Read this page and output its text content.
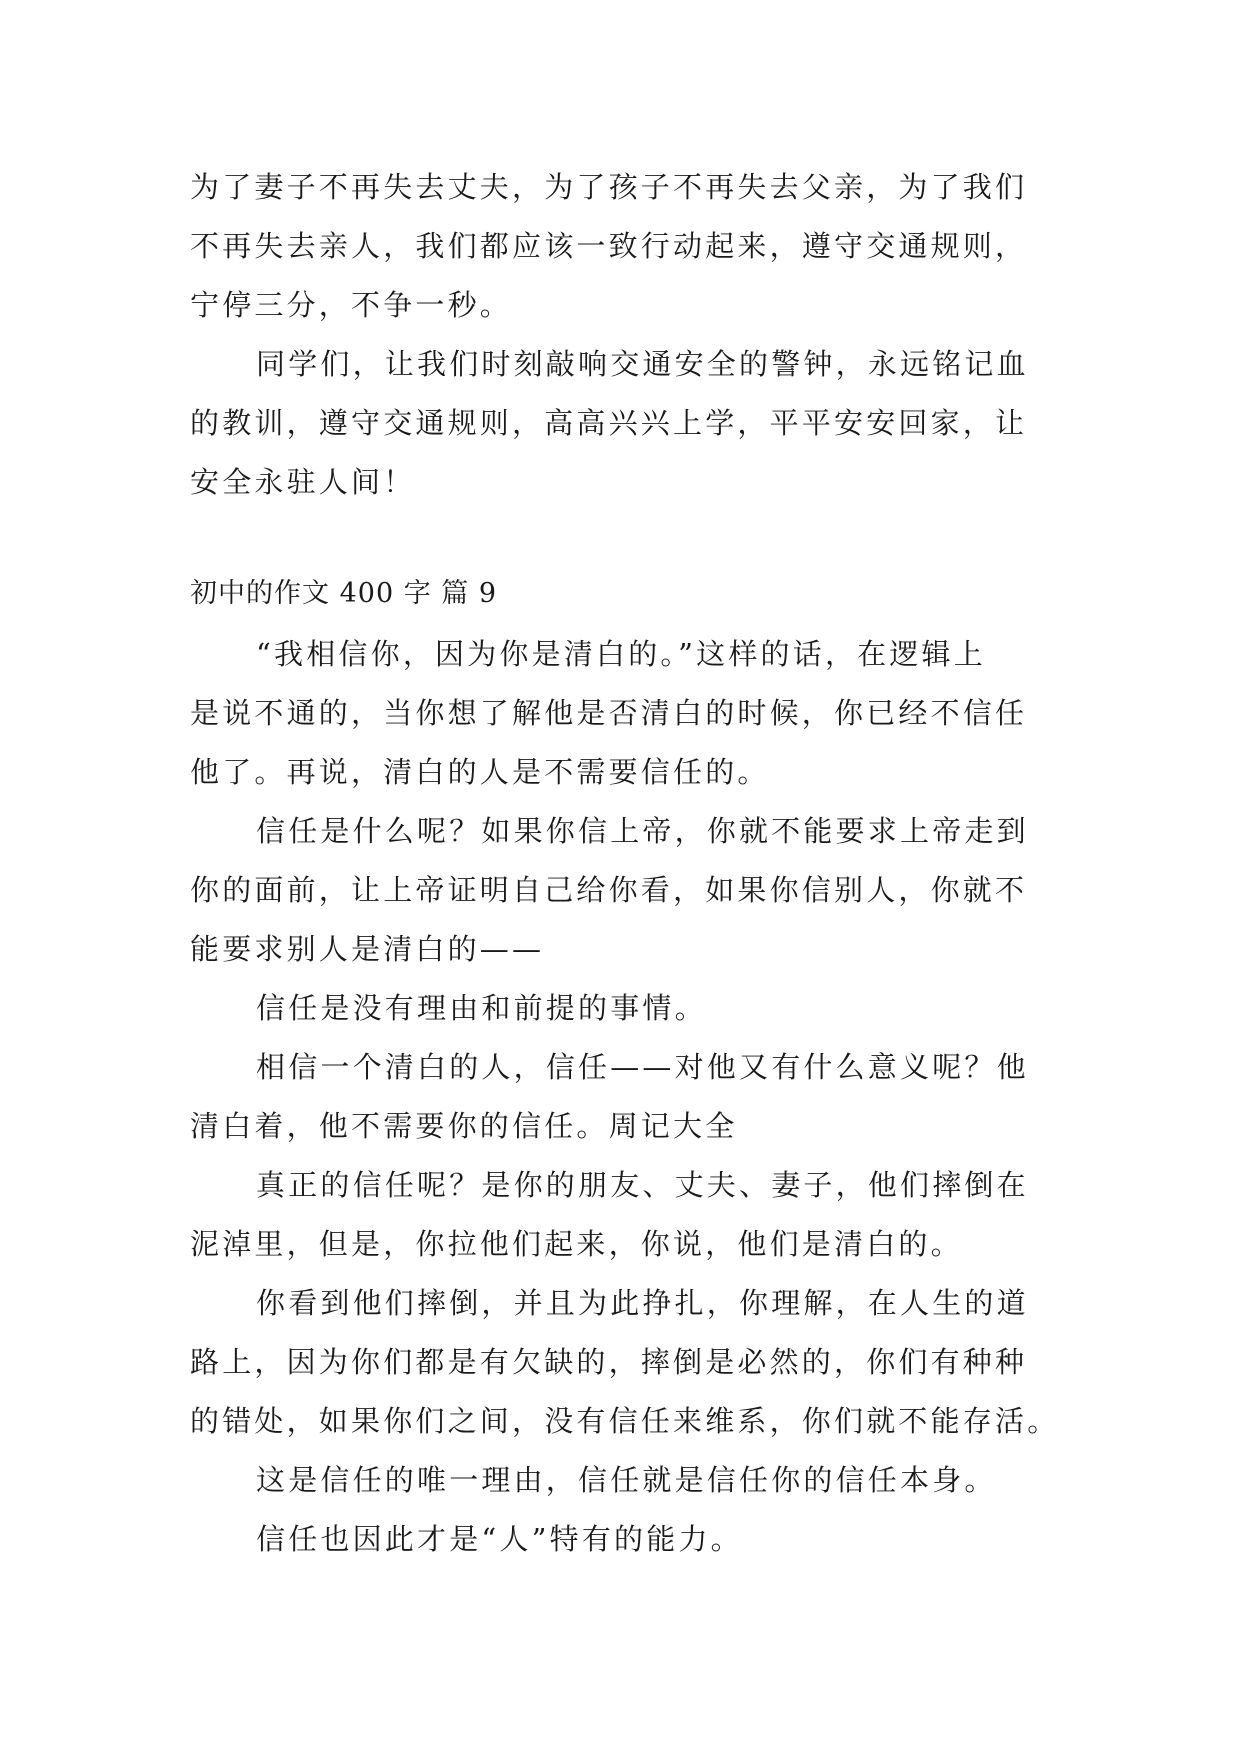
为了妻子不再失去丈夫，为了孩子不再失去父亲，为了我们
不再失去亲人，我们都应该一致行动起来，遵守交通规则，
宁停三分，不争一秒。
同学们，让我们时刻敲响交通安全的警钟，永远铭记血
的教训，遵守交通规则，高高兴兴上学，平平安安回家，让
安全永驻人间！
初中的作文 400 字 篇 9
“我相信你，因为你是清白的。”这样的话，在逻辑上
是说不通的，当你想了解他是否清白的时候，你已经不信任
他了。再说，清白的人是不需要信任的。
信任是什么呢？如果你信上帝，你就不能要求上帝走到
你的面前，让上帝证明自己给你看，如果你信别人，你就不
能要求别人是清白的——
信任是没有理由和前提的事情。
相信一个清白的人，信任——对他又有什么意义呢？他
清白着，他不需要你的信任。周记大全
真正的信任呢？是你的朋友、丈夫、妻子，他们摔倒在
泥淖里，但是，你拉他们起来，你说，他们是清白的。
你看到他们摔倒，并且为此挣扎，你理解，在人生的道
路上，因为你们都是有欠缺的，摔倒是必然的，你们有种种
的错处，如果你们之间，没有信任来维系，你们就不能存活。
这是信任的唯一理由，信任就是信任你的信任本身。
信任也因此才是“人”特有的能力。
